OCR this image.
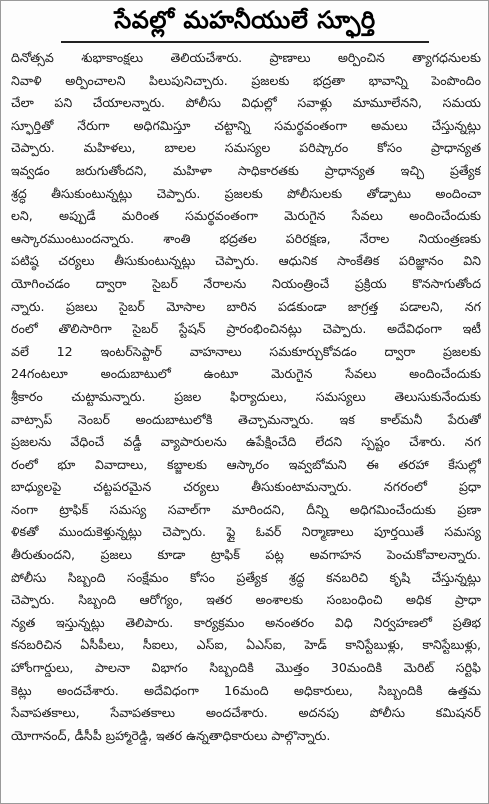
సేవల్లో మహనీయులే స్ఫూర్తి
దినోత్సవ శుభాకాంక్షలు తెలియచేశారు. ప్రాణాలు అర్పించిన త్యాగధనులకు
నివాళి అర్పించాలని పిలుపునిచ్చారు. ప్రజలకు భద్రతా భావాన్ని పెంపొందిం
చేలా పని చేయాలన్నారు. పోలీసు విధుల్లో సవాళ్లు మామూలేనని, సమయ
స్ఫూర్తితో నేరుగా అధిగమిస్తూ చట్టాన్ని సమర్థవంతంగా అమలు చేస్తున్నట్లు
చెప్పారు. మహిళలు, బాలల సమస్యల పరిష్కారం కోసం ప్రాధాన్యత
ఇవ్వడం జరుగుతోందని, మహిళా సాధికారతకు ప్రాధాన్యత ఇచ్చి ప్రత్యేక
శ్రద్ధ తీసుకుంటున్నట్లు చెప్పారు. ప్రజలకు పోలీసులకు తోడ్పాటు అందించా
లని, అప్పుడే మరింత సమర్థవంతంగా మెరుగైన సేవలు అందించేందుకు
ఆస్కారముంటుందన్నారు. శాంతి భద్రతల పరిరక్షణ, నేరాల నియంత్రణకు
పటిష్ఠ చర్యలు తీసుకుంటున్నట్లు చెప్పారు. ఆధునిక సాంకేతిక పరిజ్ఞానం విని
యోగించడం ద్వారా సైబర్ నేరాలను నియంత్రించే ప్రక్రియ కొనసాగుతోంద
న్నారు. ప్రజలు సైబర్ మోసాల బారిన పడకుండా జాగ్రత్త పడాలని, నగ
రంలో తొలిసారిగా సైబర్ స్టేషన్ ప్రారంభించినట్లు చెప్పారు. అదేవిధంగా ఇటీ
వలే 12 ఇంటర్‌సెప్టార్ వాహనాలు సమకూర్చుకోవడం ద్వారా ప్రజలకు
24గంటలూ అందుబాటులో ఉంటూ మెరుగైన సేవలు అందించేందుకు
శ్రీకారం చుట్టామన్నారు. ప్రజల ఫిర్యాదులు, సమస్యలు తెలుసుకునేందుకు
వాట్సాప్ నెంబర్ అందుబాటులోకి తెచ్చామన్నారు. ఇక కాల్‌మనీ పేరుతో
ప్రజలను వేధించే వడ్డీ వ్యాపారులను ఉపేక్షించేది లేదని స్పష్టం చేశారు. నగ
రంలో భూ వివాదాలు, కబ్జాలకు ఆస్కారం ఇవ్వబోమని ఈ తరహా కేసుల్లో
బాధ్యులపై చట్టపరమైన చర్యలు తీసుకుంటామన్నారు. నగరంలో ప్రధా
నంగా ట్రాఫిక్ సమస్య సవాల్‌గా మారిందని, దీన్ని అధిగమించేందుకు ప్రణా
ళికతో ముందుకెళ్తున్నట్లు చెప్పారు. ఫ్లై ఓవర్ నిర్మాణాలు పూర్తయితే సమస్య
తీరుతుందని, ప్రజలు కూడా ట్రాఫిక్ పట్ల అవగాహన పెంచుకోవాలన్నారు.
పోలీసు సిబ్బంది సంక్షేమం కోసం ప్రత్యేక శ్రద్ధ కనబరిచి కృషి చేస్తున్నట్లు
చెప్పారు. సిబ్బంది ఆరోగ్యం, ఇతర అంశాలకు సంబంధించి అధిక ప్రాధా
న్యత ఇస్తున్నట్లు తెలిపారు. కార్యక్రమం అనంతరం విధి నిర్వహణలో ప్రతిభ
కనబరిచిన ఏసీపీలు, సీఐలు, ఎస్ఐ, ఏఎస్ఐ, హెడ్ కానిస్టేబుళ్లు, కానిస్టేబుళ్లు,
హోంగార్డులు, పాలనా విభాగం సిబ్బందికి మొత్తం 30మందికి మెరిట్ సర్టిఫి
కెట్లు అందచేశారు. అదేవిధంగా 16మంది అధికారులు, సిబ్బందికి ఉత్తమ
సేవాపతకాలు, సేవాపతకాలు అందచేశారు. అదనపు పోలీసు కమిషనర్
యోగానంద్, డీసీపీ బ్రహ్మారెడ్డి, ఇతర ఉన్నతాధికారులు పాల్గొన్నారు.
